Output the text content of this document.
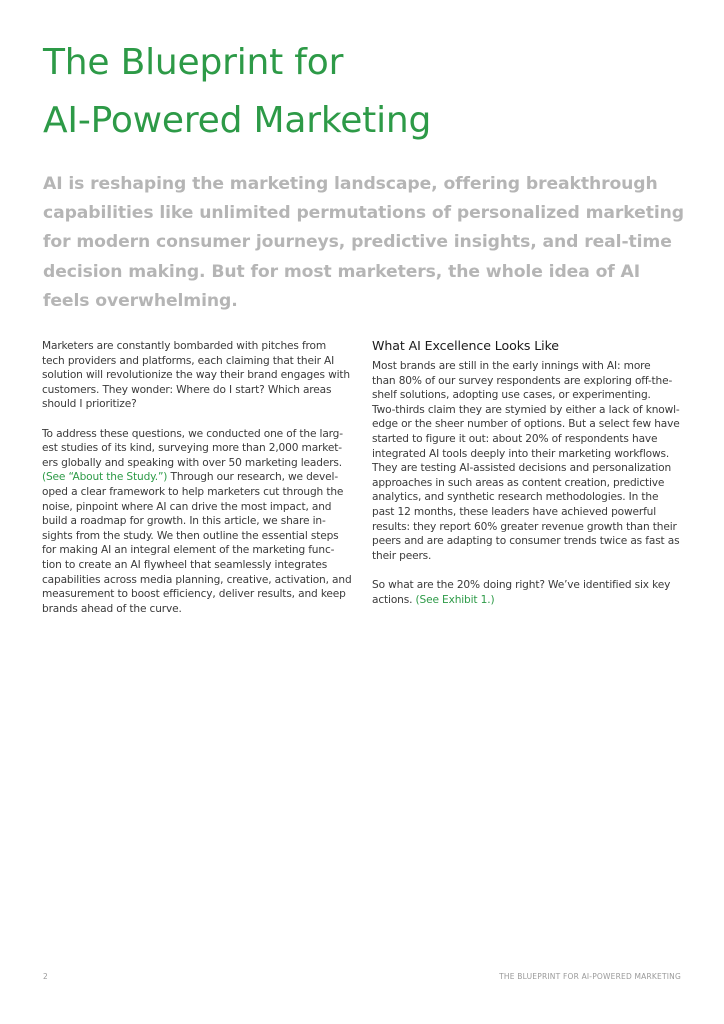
The Blueprint for
AI-Powered Marketing

AI is reshaping the marketing landscape, offering breakthrough
capabilities like unlimited permutations of personalized marketing
for modern consumer journeys, predictive insights, and real-time
decision making. But for most marketers, the whole idea of AI
feels overwhelming.

Marketers are constantly bombarded with pitches from
tech providers and platforms, each claiming that their AI
solution will revolutionize the way their brand engages with
customers. They wonder: Where do I start? Which areas
should I prioritize?

To address these questions, we conducted one of the larg-
est studies of its kind, surveying more than 2,000 market-
ers globally and speaking with over 50 marketing leaders.
(See “About the Study.”) Through our research, we devel-
oped a clear framework to help marketers cut through the
noise, pinpoint where AI can drive the most impact, and
build a roadmap for growth. In this article, we share in-
sights from the study. We then outline the essential steps
for making AI an integral element of the marketing func-
tion to create an AI flywheel that seamlessly integrates
capabilities across media planning, creative, activation, and
measurement to boost efficiency, deliver results, and keep
brands ahead of the curve.

What AI Excellence Looks Like

Most brands are still in the early innings with AI: more
than 80% of our survey respondents are exploring off-the-
shelf solutions, adopting use cases, or experimenting.
Two-thirds claim they are stymied by either a lack of knowl-
edge or the sheer number of options. But a select few have
started to figure it out: about 20% of respondents have
integrated AI tools deeply into their marketing workflows.
They are testing AI-assisted decisions and personalization
approaches in such areas as content creation, predictive
analytics, and synthetic research methodologies. In the
past 12 months, these leaders have achieved powerful
results: they report 60% greater revenue growth than their
peers and are adapting to consumer trends twice as fast as
their peers.

So what are the 20% doing right? We’ve identified six key
actions. (See Exhibit 1.)

2	THE BLUEPRINT FOR AI-POWERED MARKETING
